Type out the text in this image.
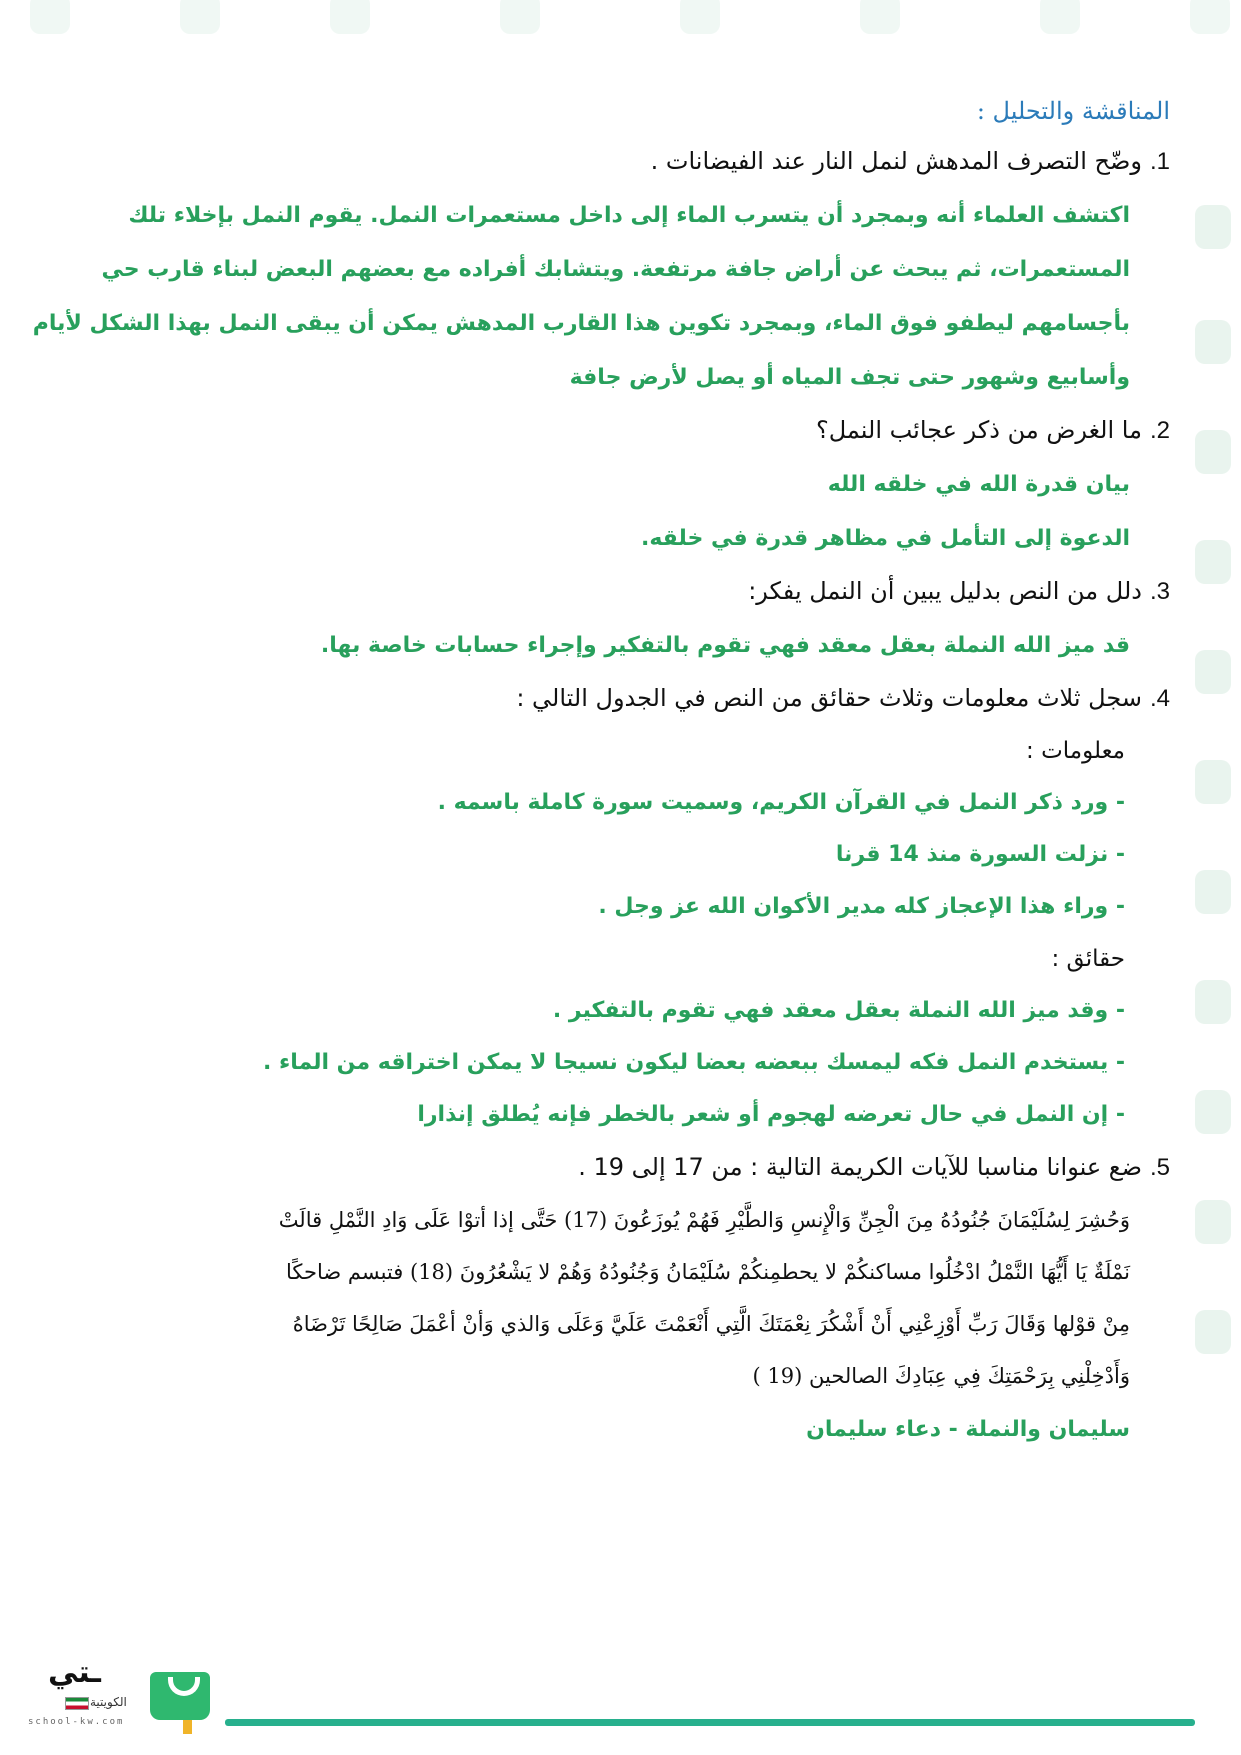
المناقشة والتحليل :

1.وضّح التصرف المدهش لنمل النار عند الفيضانات .

اكتشف العلماء أنه وبمجرد أن يتسرب الماء إلى داخل مستعمرات النمل. يقوم النمل بإخلاء تلك

المستعمرات، ثم يبحث عن أراض جافة مرتفعة. ويتشابك أفراده مع بعضهم البعض لبناء قارب حي

بأجسامهم ليطفو فوق الماء، وبمجرد تكوين هذا القارب المدهش يمكن أن يبقى النمل بهذا الشكل لأيام

وأسابيع وشهور حتى تجف المياه أو يصل لأرض جافة

2.ما الغرض من ذكر عجائب النمل؟

بيان قدرة الله في خلقه الله

الدعوة إلى التأمل في مظاهر قدرة في خلقه.

3.دلل من النص بدليل يبين أن النمل يفكر:

قد ميز الله النملة بعقل معقد فهي تقوم بالتفكير وإجراء حسابات خاصة بها.

4.سجل ثلاث معلومات وثلاث حقائق من النص في الجدول التالي :

معلومات :

- ورد ذكر النمل في القرآن الكريم، وسميت سورة كاملة باسمه .

- نزلت السورة منذ 14 قرنا

- وراء هذا الإعجاز كله مدير الأكوان الله عز وجل .

حقائق :

- وقد ميز الله النملة بعقل معقد فهي تقوم بالتفكير .

- يستخدم النمل فكه ليمسك ببعضه بعضا ليكون نسيجا لا يمكن اختراقه من الماء .

- إن النمل في حال تعرضه لهجوم أو شعر بالخطر فإنه يُطلق إنذارا

5.ضع عنوانا مناسبا للآيات الكريمة التالية : من 17 إلى 19 .

وَحُشِرَ لِسُلَيْمَانَ جُنُودُهُ مِنَ الْجِنِّ وَالْإِنسِ وَالطَّيْرِ فَهُمْ يُوزَعُونَ (17) حَتَّى إذا أتوْا عَلَى وَادِ النَّمْلِ قالَتْ

نَمْلَةٌ يَا أَيُّهَا النَّمْلُ ادْخُلُوا مساكنكُمْ لا يحطمِنكُمْ سُلَيْمَانُ وَجُنُودُهُ وَهُمْ لا يَشْعُرُونَ (18) فتبسم ضاحكًا

مِنْ قوْلها وَقَالَ رَبِّ أَوْزِعْنِي أَنْ أَشْكُرَ نِعْمَتَكَ الَّتِي أَنْعَمْتَ عَلَيَّ وَعَلَى وَالذي وَأنْ أعْمَلَ صَالِحًا تَرْضَاهُ

وَأَدْخِلْنِي بِرَحْمَتِكَ فِي عِبَادِكَ الصالحين (19 )

سليمان والنملة - دعاء سليمان

ـتي
الكويتية
school-kw.com
